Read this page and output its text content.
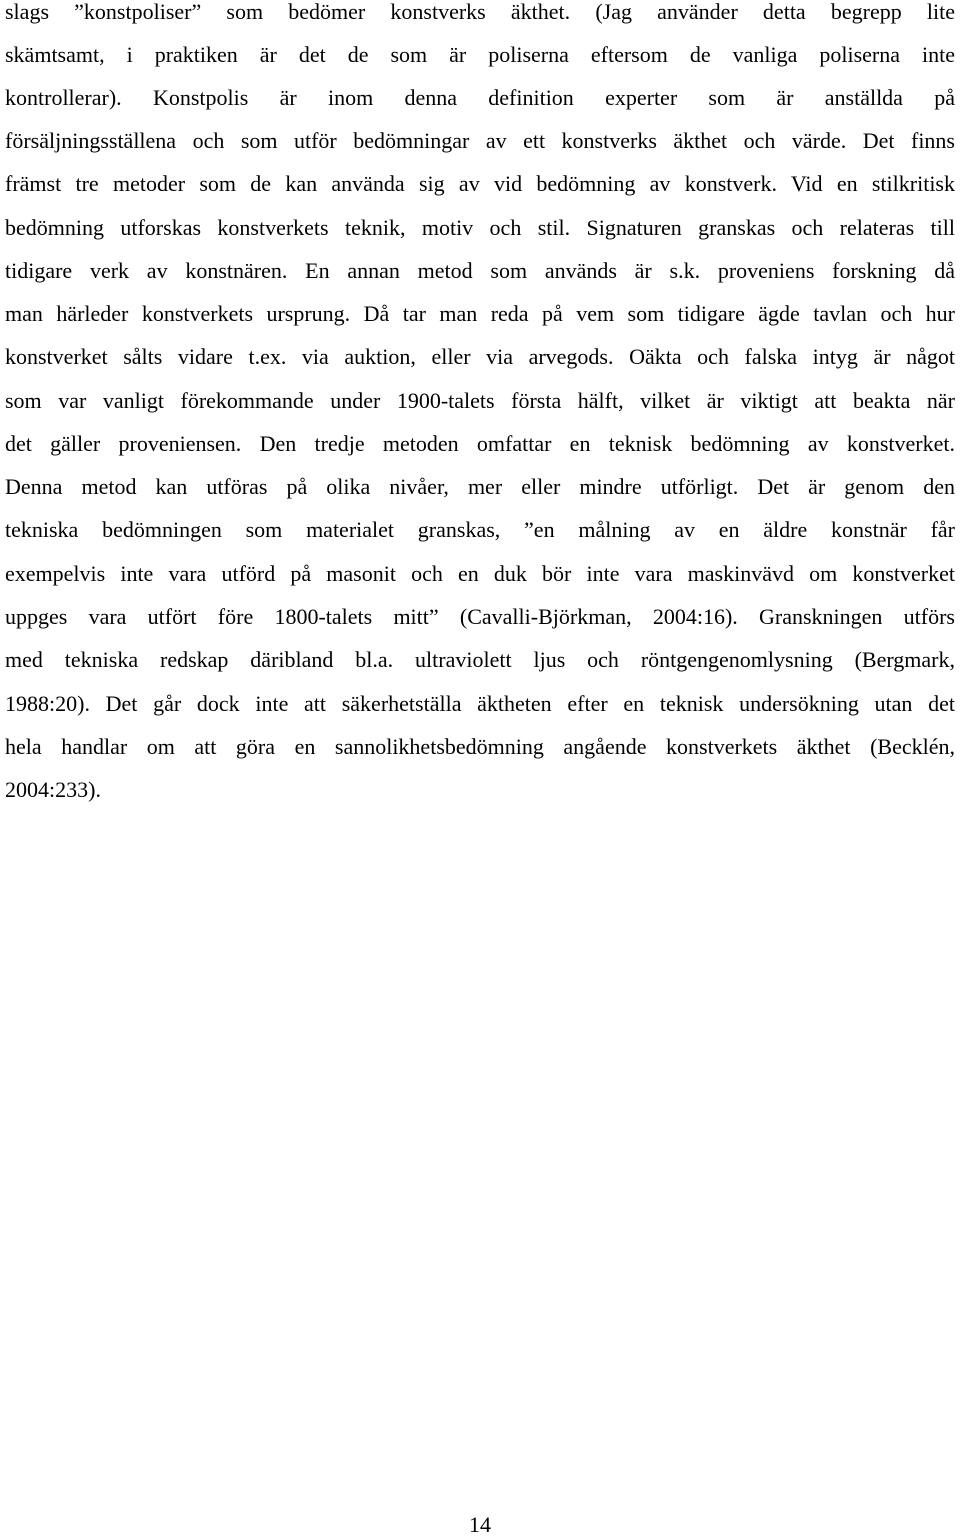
slags ”konstpoliser” som bedömer konstverks äkthet. (Jag använder detta begrepp lite
skämtsamt, i praktiken är det de som är poliserna eftersom de vanliga poliserna inte
kontrollerar). Konstpolis är inom denna definition experter som är anställda på
försäljningsställena och som utför bedömningar av ett konstverks äkthet och värde. Det finns
främst tre metoder som de kan använda sig av vid bedömning av konstverk. Vid en stilkritisk
bedömning utforskas konstverkets teknik, motiv och stil. Signaturen granskas och relateras till
tidigare verk av konstnären. En annan metod som används är s.k. proveniens forskning då
man härleder konstverkets ursprung. Då tar man reda på vem som tidigare ägde tavlan och hur
konstverket sålts vidare t.ex. via auktion, eller via arvegods. Oäkta och falska intyg är något
som var vanligt förekommande under 1900-talets första hälft, vilket är viktigt att beakta när
det gäller proveniensen. Den tredje metoden omfattar en teknisk bedömning av konstverket.
Denna metod kan utföras på olika nivåer, mer eller mindre utförligt. Det är genom den
tekniska bedömningen som materialet granskas, ”en målning av en äldre konstnär får
exempelvis inte vara utförd på masonit och en duk bör inte vara maskinvävd om konstverket
uppges vara utfört före 1800-talets mitt” (Cavalli-Björkman, 2004:16). Granskningen utförs
med tekniska redskap däribland bl.a. ultraviolett ljus och röntgengenomlysning (Bergmark,
1988:20). Det går dock inte att säkerhetställa äktheten efter en teknisk undersökning utan det
hela handlar om att göra en sannolikhetsbedömning angående konstverkets äkthet (Becklén,
2004:233).
14
